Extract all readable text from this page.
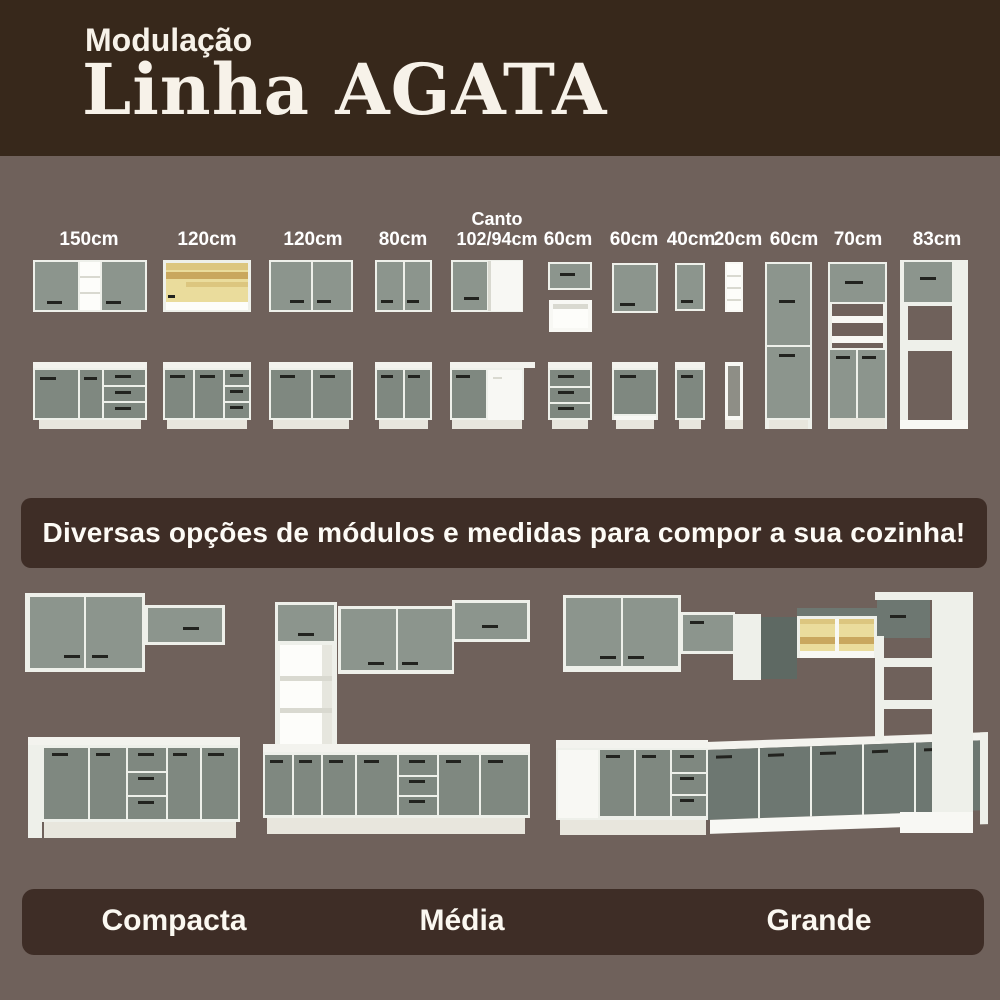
Modulação
Linha AGATA
150cm	120cm	120cm	80cm
Canto
102/94cm 60cm 60cm 40cm
20cm 60cm 70cm	83cm

Diversas opções de módulos e medidas para compor a sua cozinha!

Compacta	Média	Grande
